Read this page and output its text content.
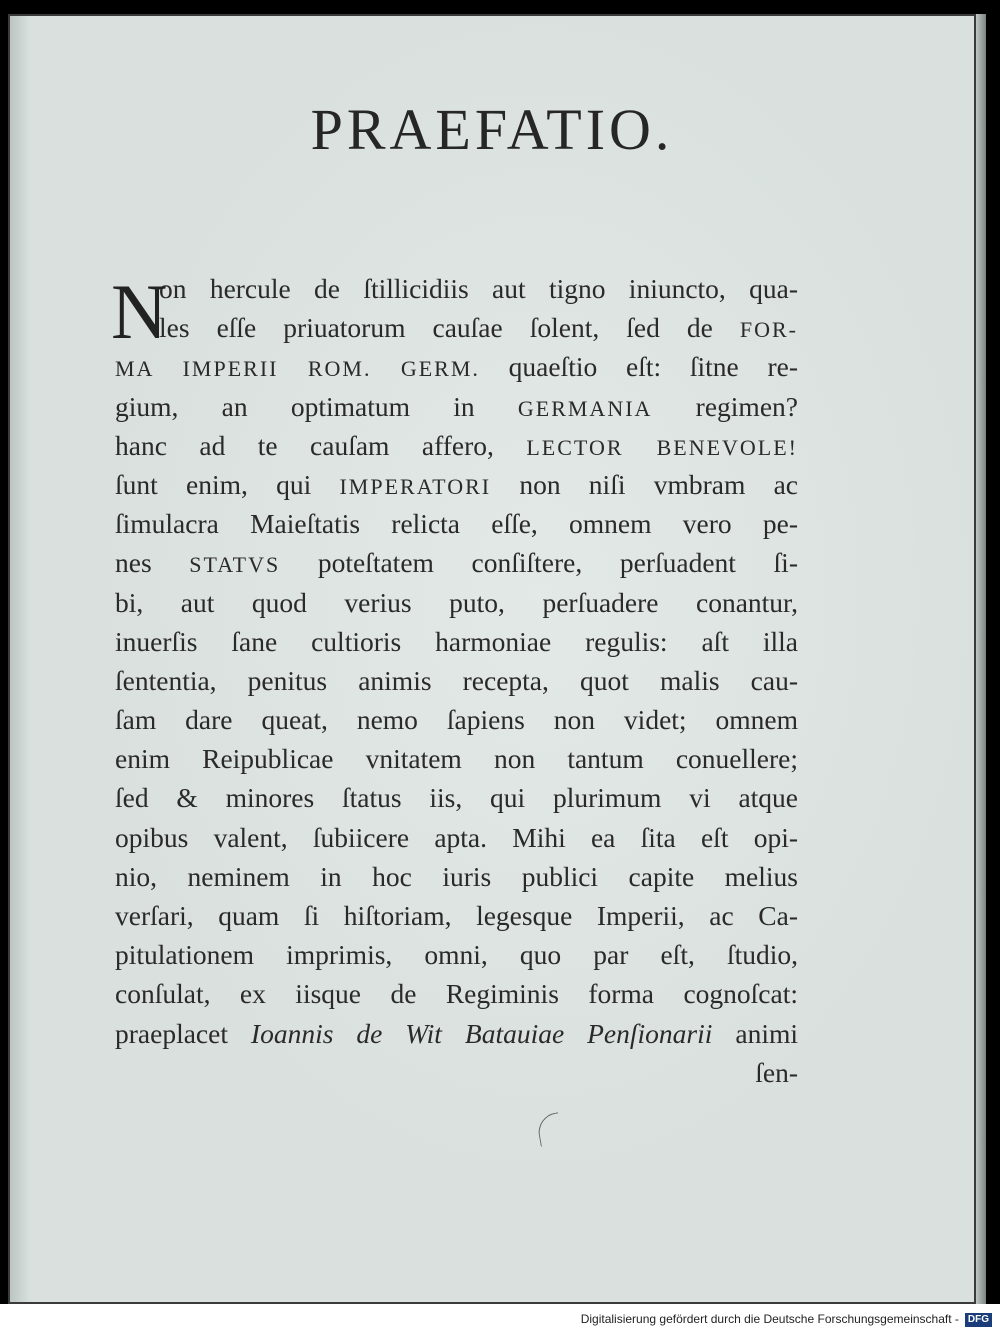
PRAEFATIO.
N
on hercule de ſtillicidiis aut tigno iniuncto, qua-
les eſſe priuatorum cauſae ſolent, ſed de FOR-
MA IMPERII ROM. GERM. quaeſtio eſt: ſitne re-
gium, an optimatum in GERMANIA regimen?
hanc ad te cauſam affero, LECTOR BENEVOLE!
ſunt enim, qui IMPERATORI non niſi vmbram ac
ſimulacra Maieſtatis relicta eſſe, omnem vero pe-
nes STATVS poteſtatem conſiſtere, perſuadent ſi-
bi, aut quod verius puto, perſuadere conantur,
inuerſis ſane cultioris harmoniae regulis: aſt illa
ſententia, penitus animis recepta, quot malis cau-
ſam dare queat, nemo ſapiens non videt; omnem
enim Reipublicae vnitatem non tantum conuellere;
ſed & minores ſtatus iis, qui plurimum vi atque
opibus valent, ſubiicere apta. Mihi ea ſita eſt opi-
nio, neminem in hoc iuris publici capite melius
verſari, quam ſi hiſtoriam, legesque Imperii, ac Ca-
pitulationem imprimis, omni, quo par eſt, ſtudio,
conſulat, ex iisque de Regiminis forma cognoſcat:
praeplacet Ioannis de Wit Batauiae Penſionarii animi
ſen-
Digitalisierung gefördert durch die Deutsche Forschungsgemeinschaft - DFG
